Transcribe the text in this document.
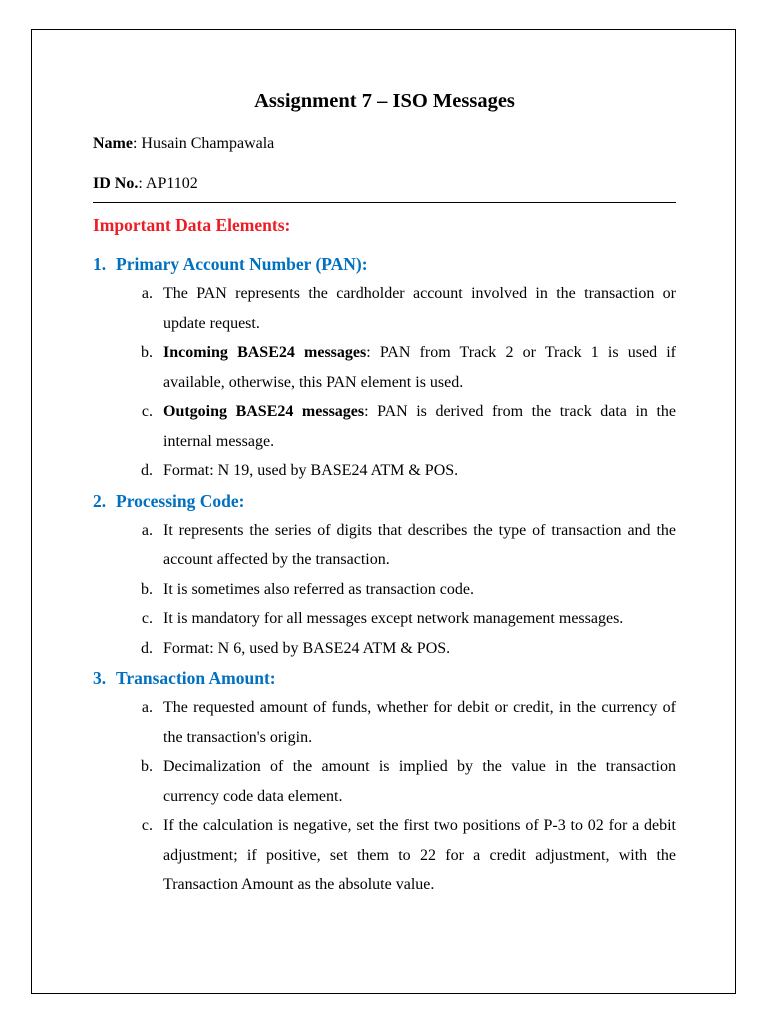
Assignment 7 – ISO Messages

Name: Husain Champawala

ID No.: AP1102

Important Data Elements:
1. Primary Account Number (PAN):
a. The PAN represents the cardholder account involved in the transaction or update request.
b. Incoming BASE24 messages: PAN from Track 2 or Track 1 is used if available, otherwise, this PAN element is used.
c. Outgoing BASE24 messages: PAN is derived from the track data in the internal message.
d. Format: N 19, used by BASE24 ATM & POS.
2. Processing Code:
a. It represents the series of digits that describes the type of transaction and the account affected by the transaction.
b. It is sometimes also referred as transaction code.
c. It is mandatory for all messages except network management messages.
d. Format: N 6, used by BASE24 ATM & POS.
3. Transaction Amount:
a. The requested amount of funds, whether for debit or credit, in the currency of the transaction's origin.
b. Decimalization of the amount is implied by the value in the transaction currency code data element.
c. If the calculation is negative, set the first two positions of P-3 to 02 for a debit adjustment; if positive, set them to 22 for a credit adjustment, with the Transaction Amount as the absolute value.
